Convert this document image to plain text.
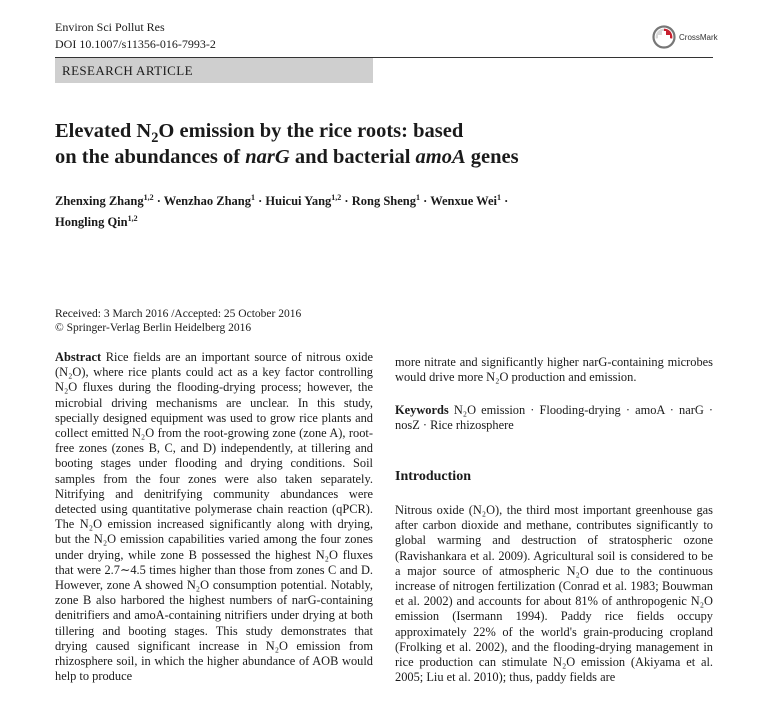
Environ Sci Pollut Res
DOI 10.1007/s11356-016-7993-2	CrossMark
RESEARCH ARTICLE
Elevated $N_2O$ emission by the rice roots: based
on the abundances of narG and bacterial amoA genes
Zhenxing Zhang$^{1,2}$ · Wenzhao Zhang$^1$ · Huicui Yang$^{1,2}$ · Rong Sheng$^1$ · Wenxue Wei$^1$ ·
Hongling Qin$^{1,2}$
Received: 3 March 2016 /Accepted: 25 October 2016
© Springer-Verlag Berlin Heidelberg 2016
Abstract Rice fields are an important source of nitrous oxide (N₂O), where rice plants could act as a key factor controlling N₂O fluxes during the flooding-drying process; however, the microbial driving mechanisms are unclear. In this study, specially designed equipment was used to grow rice plants and collect emitted N₂O from the root-growing zone (zone A), root-free zones (zones B, C, and D) independently, at tillering and booting stages under flooding and drying conditions. Soil samples from the four zones were also taken separately. Nitrifying and denitrifying community abundances were detected using quantitative polymerase chain reaction (qPCR). The N₂O emission increased significantly along with drying, but the N₂O emission capabilities varied among the four zones under drying, while zone B possessed the highest N₂O fluxes that were 2.7∼4.5 times higher than those from zones C and D. However, zone A showed N₂O consumption potential. Notably, zone B also harbored the highest numbers of narG-containing denitrifiers and amoA-containing nitrifiers under drying at both tillering and booting stages. This study demonstrates that drying caused significant increase in N₂O emission from rhizosphere soil, in which the higher abundance of AOB would help to produce
more nitrate and significantly higher narG-containing microbes would drive more N₂O production and emission.
Keywords N₂O emission · Flooding-drying · amoA · narG · nosZ · Rice rhizosphere
Introduction
Nitrous oxide (N₂O), the third most important greenhouse gas after carbon dioxide and methane, contributes significantly to global warming and destruction of stratospheric ozone (Ravishankara et al. 2009). Agricultural soil is considered to be a major source of atmospheric N₂O due to the continuous increase of nitrogen fertilization (Conrad et al. 1983; Bouwman et al. 2002) and accounts for about 81% of anthropogenic N₂O emission (Isermann 1994). Paddy rice fields occupy approximately 22% of the world's grain-producing cropland (Frolking et al. 2002), and the flooding-drying management in rice production can stimulate N₂O emission (Akiyama et al. 2005; Liu et al. 2010); thus, paddy fields are
